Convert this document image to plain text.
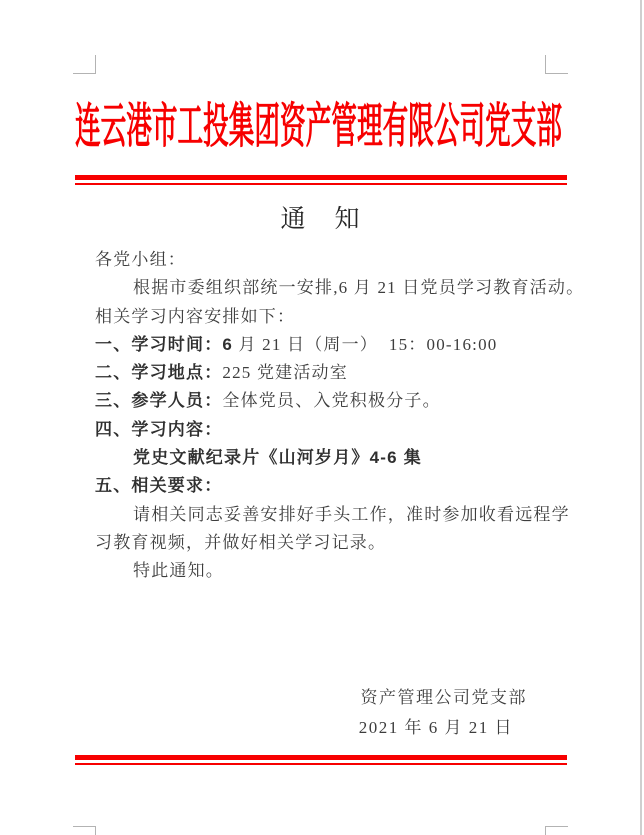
连云港市工投集团资产管理有限公司党支部
通　知
各党小组：
根据市委组织部统一安排,6 月 21 日党员学习教育活动。
相关学习内容安排如下：
一、学习时间：6 月 21 日（周一）  15：00-16:00
二、学习地点：225 党建活动室
三、参学人员：全体党员、入党积极分子。
四、学习内容：
党史文献纪录片《山河岁月》4-6 集
五、相关要求：
请相关同志妥善安排好手头工作，准时参加收看远程学
习教育视频，并做好相关学习记录。
特此通知。
资产管理公司党支部
2021 年 6 月 21 日
